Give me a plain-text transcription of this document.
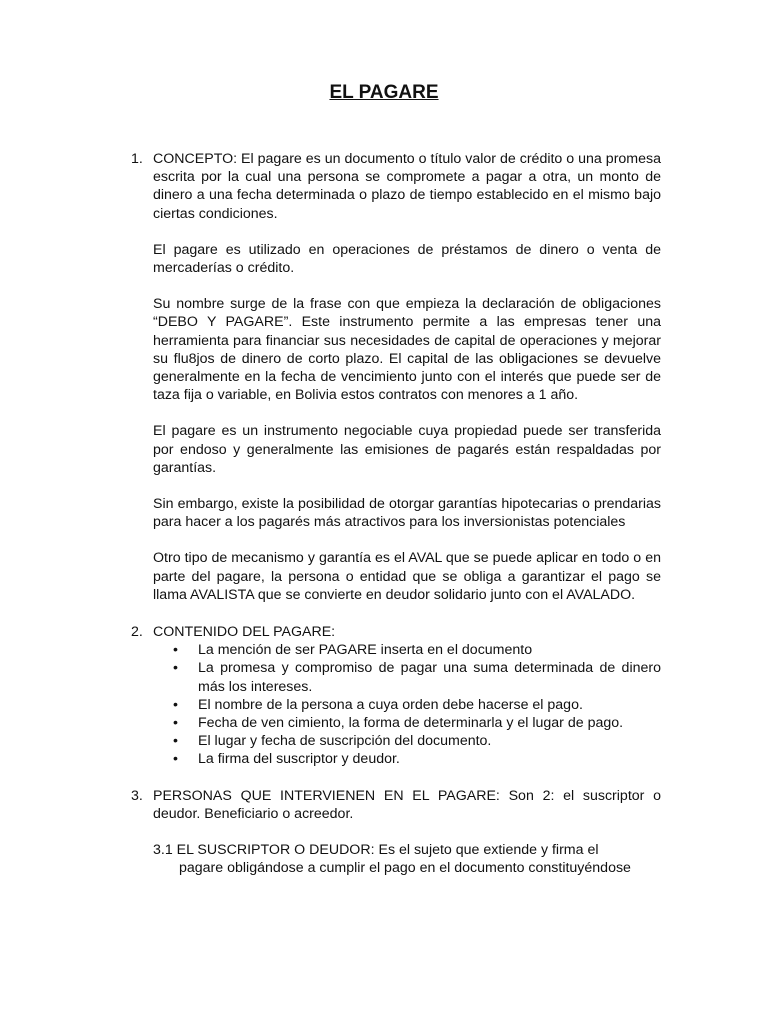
EL PAGARE
1. CONCEPTO: El pagare es un documento o título valor de crédito o una promesa escrita por la cual una persona se compromete a pagar a otra, un monto de dinero a una fecha determinada o plazo de tiempo establecido en el mismo bajo ciertas condiciones.

El pagare es utilizado en operaciones de préstamos de dinero o venta de mercaderías o crédito.

Su nombre surge de la frase con que empieza la declaración de obligaciones “DEBO Y PAGARE”. Este instrumento permite a las empresas tener una herramienta para financiar sus necesidades de capital de operaciones y mejorar su flu8jos de dinero de corto plazo. El capital de las obligaciones se devuelve generalmente en la fecha de vencimiento junto con el interés que puede ser de taza fija o variable, en Bolivia estos contratos con menores a 1 año.

El pagare es un instrumento negociable cuya propiedad puede ser transferida por endoso y generalmente las emisiones de pagarés están respaldadas por garantías.

Sin embargo, existe la posibilidad de otorgar garantías hipotecarias o prendarias para hacer a los pagarés más atractivos para los inversionistas potenciales

Otro tipo de mecanismo y garantía es el AVAL que se puede aplicar en todo o en parte del pagare, la persona o entidad que se obliga a garantizar el pago se llama AVALISTA que se convierte en deudor solidario junto con el AVALADO.

2. CONTENIDO DEL PAGARE:

• La mención de ser PAGARE inserta en el documento
• La promesa y compromiso de pagar una suma determinada de dinero más los intereses.
• El nombre de la persona a cuya orden debe hacerse el pago.
• Fecha de ven cimiento, la forma de determinarla y el lugar de pago.
• El lugar y fecha de suscripción del documento.
• La firma del suscriptor y deudor.
3. PERSONAS QUE INTERVIENEN EN EL PAGARE: Son 2: el suscriptor o deudor. Beneficiario o acreedor.

3.1 EL SUSCRIPTOR O DEUDOR: Es el sujeto que extiende y firma el
pagare obligándose a cumplir el pago en el documento constituyéndose
